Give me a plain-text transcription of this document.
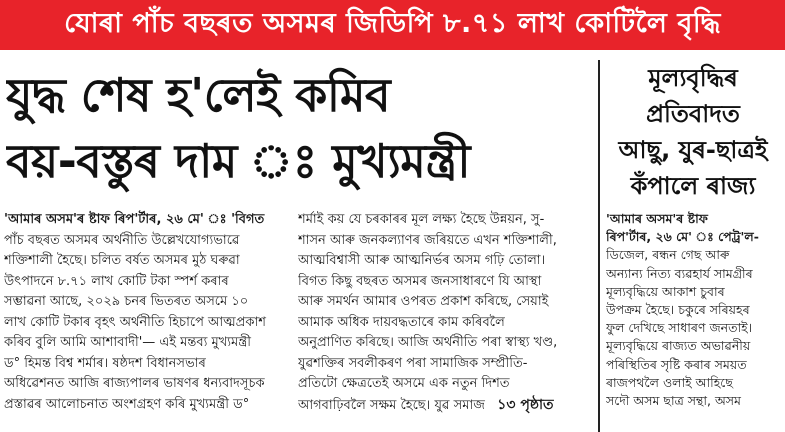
যোৰা পাঁচ বছৰত অসমৰ জিডিপি ৮.৭১ লাখ কোটিলৈ বৃদ্ধি
যুদ্ধ শেষ হ'লেই কমিব
বয়-বস্তুৰ দাম ঃ মুখ্যমন্ত্ৰী
মূল্যবৃদ্ধিৰ
প্ৰতিবাদত
আছু, যুৰ-ছাত্ৰই
কঁপালে ৰাজ্য
'আমাৰ অসম'ৰ ষ্টাফ ৰিপ'ৰ্টাৰ, ২৬ মে' ঃ 'বিগত
পাঁচ বছৰত অসমৰ অৰ্থনীতি উল্লেখযোগ্যভাৱে
শক্তিশালী হৈছে। চলিত বৰ্ষত অসমৰ মুঠ ঘৰুৱা
উৎপাদনে ৮.৭১ লাখ কোটি টকা স্পৰ্শ কৰাৰ
সম্ভাৱনা আছে, ২০২৯ চনৰ ভিতৰত অসমে ১০
লাখ কোটি টকাৰ বৃহৎ অৰ্থনীতি হিচাপে আত্মপ্ৰকাশ
কৰিব বুলি আমি আশাবাদী'— এই মন্তব্য মুখ্যমন্ত্ৰী
ড° হিমন্ত বিশ্ব শৰ্মাৰ। ষষ্ঠদশ বিধানসভাৰ
অধিৱেশনত আজি ৰাজ্যপালৰ ভাষণৰ ধন্যবাদসূচক
প্ৰস্তাৱৰ আলোচনাত অংশগ্ৰহণ কৰি মুখ্যমন্ত্ৰী ড°
শৰ্মাই কয় যে চৰকাৰৰ মূল লক্ষ্য হৈছে উন্নয়ন, সু-
শাসন আৰু জনকল্যাণৰ জৰিয়তে এখন শক্তিশালী,
আত্মবিশ্বাসী আৰু আত্মনিৰ্ভৰ অসম গঢ়ি তোলা।
বিগত কিছু বছৰত অসমৰ জনসাধাৰণে যি আস্থা
আৰু সমৰ্থন আমাৰ ওপৰত প্ৰকাশ কৰিছে, সেয়াই
আমাক অধিক দায়বদ্ধতাৰে কাম কৰিবলৈ
অনুপ্ৰাণিত কৰিছে। আজি অৰ্থনীতি পৰা স্বাস্থ্য খণ্ড,
যুৱশক্তিৰ সবলীকৰণ পৰা সামাজিক সম্প্ৰীতি-
প্ৰতিটো ক্ষেত্ৰতেই অসমে এক নতুন দিশত
আগবাঢ়িবলৈ সক্ষম হৈছে। যুৱ সমাজ ১৩ পৃষ্ঠাত
'আমাৰ অসম'ৰ ষ্টাফ
ৰিপ'ৰ্টাৰ, ২৬ মে' ঃ পেট্ৰ'ল-
ডিজেল, ৰন্ধন গেছ আৰু
অন্যান্য নিত্য ব্যৱহাৰ্য সামগ্ৰীৰ
মূল্যবৃদ্ধিয়ে আকাশ চুবাৰ
উপক্ৰম হৈছে। চকুৰে সৰিয়হৰ
ফুল দেখিছে সাধাৰণ জনতাই।
মূল্যবৃদ্ধিয়ে ৰাজ্যত অভাৱনীয়
পৰিস্থিতিৰ সৃষ্টি কৰাৰ সময়ত
ৰাজপথলৈ ওলাই আহিছে
সদৌ অসম ছাত্ৰ সন্থা, অসম
